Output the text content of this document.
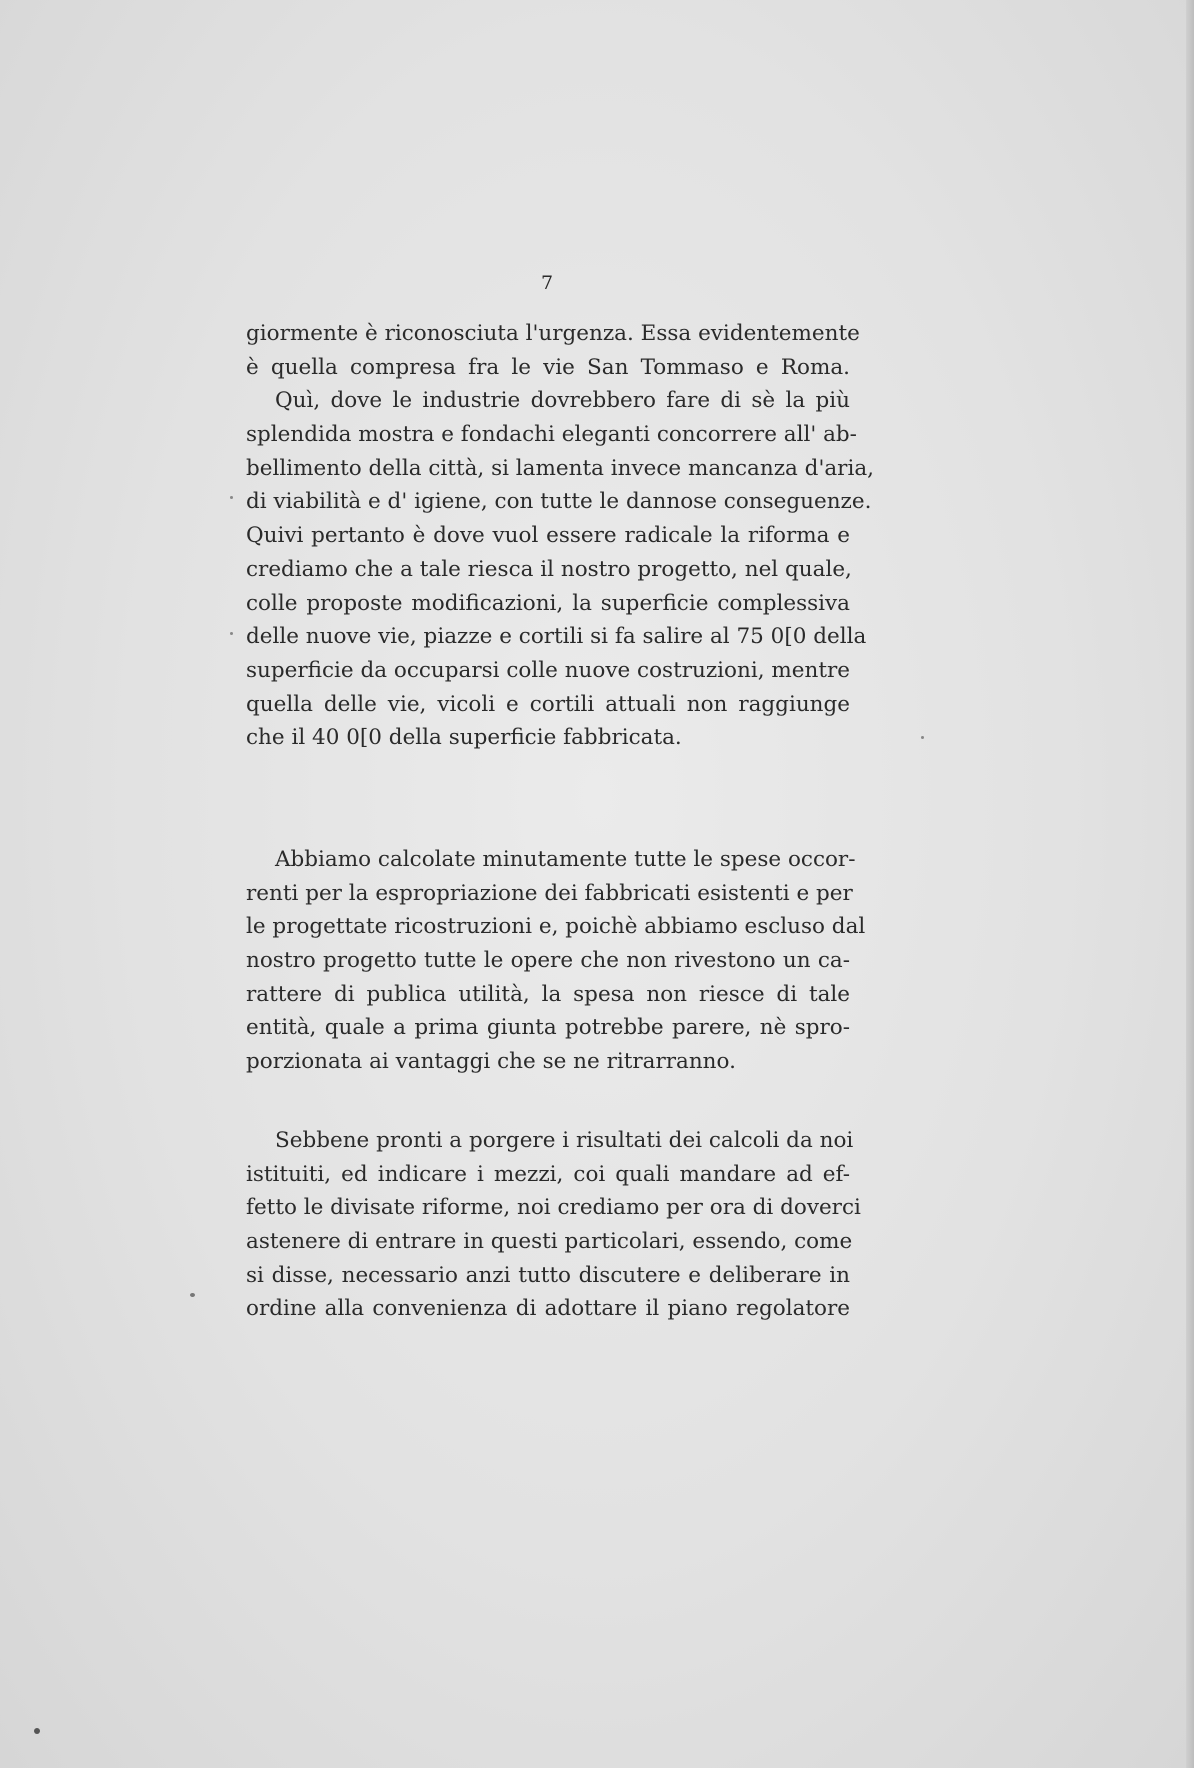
7
giormente è riconosciuta l'urgenza. Essa evidentemente
è quella compresa fra le vie San Tommaso e Roma.
Quì, dove le industrie dovrebbero fare di sè la più
splendida mostra e fondachi eleganti concorrere all' ab-
bellimento della città, si lamenta invece mancanza d'aria,
di viabilità e d' igiene, con tutte le dannose conseguenze.
Quivi pertanto è dove vuol essere radicale la riforma e
crediamo che a tale riesca il nostro progetto, nel quale,
colle proposte modificazioni, la superficie complessiva
delle nuove vie, piazze e cortili si fa salire al 75 0[0 della
superficie da occuparsi colle nuove costruzioni, mentre
quella delle vie, vicoli e cortili attuali non raggiunge
che il 40 0[0 della superficie fabbricata.
Abbiamo calcolate minutamente tutte le spese occor-
renti per la espropriazione dei fabbricati esistenti e per
le progettate ricostruzioni e, poichè abbiamo escluso dal
nostro progetto tutte le opere che non rivestono un ca-
rattere di publica utilità, la spesa non riesce di tale
entità, quale a prima giunta potrebbe parere, nè spro-
porzionata ai vantaggi che se ne ritrarranno.
Sebbene pronti a porgere i risultati dei calcoli da noi
istituiti, ed indicare i mezzi, coi quali mandare ad ef-
fetto le divisate riforme, noi crediamo per ora di doverci
astenere di entrare in questi particolari, essendo, come
si disse, necessario anzi tutto discutere e deliberare in
ordine alla convenienza di adottare il piano regolatore
